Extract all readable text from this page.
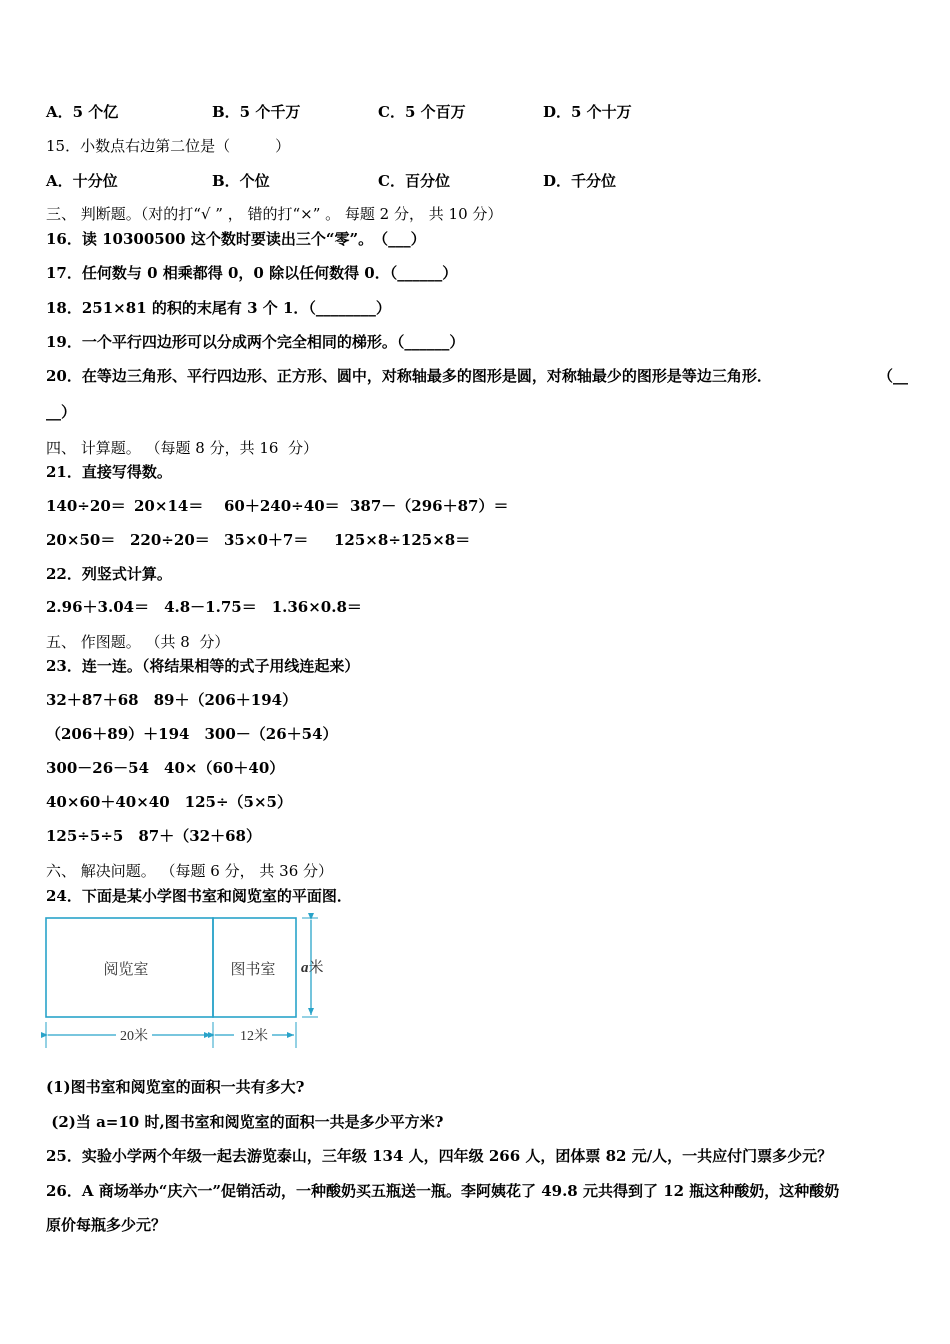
A．5 个亿	B．5 个千万	C．5 个百万	D．5 个十万
15．小数点右边第二位是（　　　）
A．十分位	B．个位	C．百分位	D．千分位
三、 判断题。（对的打“√ ” ， 错的打“×” 。 每题 2 分， 共 10 分）
16．读 10300500 这个数时要读出三个“零”。　（___）
17．任何数与 0 相乘都得 0，0 除以任何数得 0．（______）
18．251×81 的积的末尾有 3 个 1．（________）
19．一个平行四边形可以分成两个完全相同的梯形。（______）
20．在等边三角形、平行四边形、正方形、圆中，对称轴最多的图形是圆，对称轴最少的图形是等边三角形．	（__
__）
四、 计算题。 （每题 8 分，共 16  分）
21．直接写得数。
140÷20＝ 20×14＝ 60＋240÷40＝ 387－（296＋87）＝
20×50＝ 220÷20＝ 35×0＋7＝ 125×8÷125×8＝
22．列竖式计算。
2.96＋3.04＝　4.8－1.75＝　1.36×0.8＝
五、 作图题。 （共 8  分）
23．连一连。（将结果相等的式子用线连起来）
32＋87＋68　89＋（206＋194）
（206＋89）＋194　300－（26＋54）
300－26－54　40×（60＋40）
40×60＋40×40　125÷（5×5）
125÷5÷5　87＋（32＋68）
六、 解决问题。 （每题 6 分， 共 36 分）
24．下面是某小学图书室和阅览室的平面图．
阅览室	图书室 a米
20米	12米
(1)图书室和阅览室的面积一共有多大?
(2)当 a=10 时,图书室和阅览室的面积一共是多少平方米?
25．实验小学两个年级一起去游览泰山，三年级 134 人，四年级 266 人，团体票 82 元/人，一共应付门票多少元？
26．A 商场举办“庆六一”促销活动，一种酸奶买五瓶送一瓶。李阿姨花了 49.8 元共得到了 12 瓶这种酸奶，这种酸奶
原价每瓶多少元？
